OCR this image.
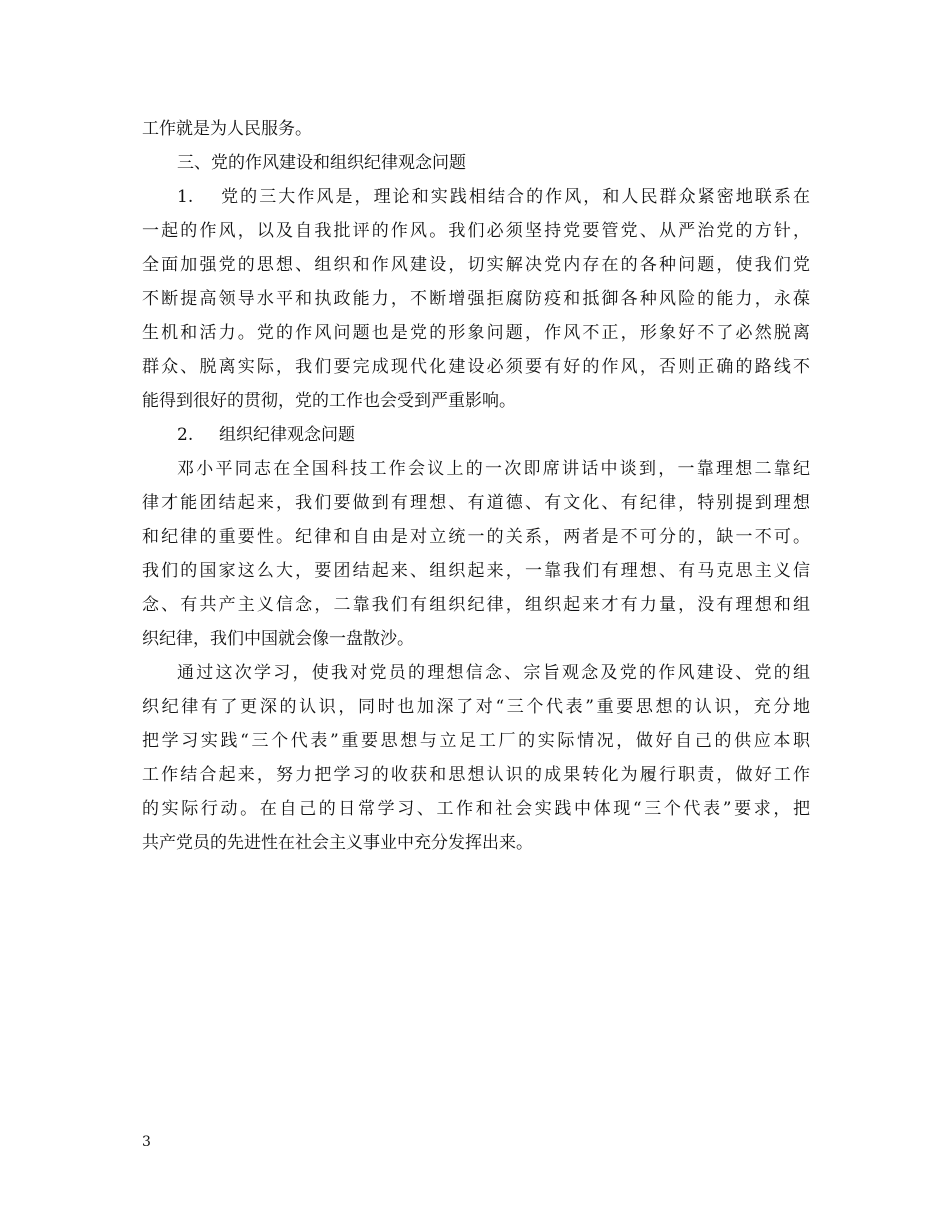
工作就是为人民服务。
三、党的作风建设和组织纪律观念问题
1. 党的三大作风是，理论和实践相结合的作风，和人民群众紧密地联系在
一起的作风，以及自我批评的作风。我们必须坚持党要管党、从严治党的方针，
全面加强党的思想、组织和作风建设，切实解决党内存在的各种问题，使我们党
不断提高领导水平和执政能力，不断增强拒腐防疫和抵御各种风险的能力，永葆
生机和活力。党的作风问题也是党的形象问题，作风不正，形象好不了必然脱离
群众、脱离实际，我们要完成现代化建设必须要有好的作风，否则正确的路线不
能得到很好的贯彻，党的工作也会受到严重影响。
2. 组织纪律观念问题
邓小平同志在全国科技工作会议上的一次即席讲话中谈到，一靠理想二靠纪
律才能团结起来，我们要做到有理想、有道德、有文化、有纪律，特别提到理想
和纪律的重要性。纪律和自由是对立统一的关系，两者是不可分的，缺一不可。
我们的国家这么大，要团结起来、组织起来，一靠我们有理想、有马克思主义信
念、有共产主义信念，二靠我们有组织纪律，组织起来才有力量，没有理想和组
织纪律，我们中国就会像一盘散沙。
通过这次学习，使我对党员的理想信念、宗旨观念及党的作风建设、党的组
织纪律有了更深的认识，同时也加深了对“三个代表”重要思想的认识，充分地
把学习实践“三个代表”重要思想与立足工厂的实际情况，做好自己的供应本职
工作结合起来，努力把学习的收获和思想认识的成果转化为履行职责，做好工作
的实际行动。在自己的日常学习、工作和社会实践中体现“三个代表”要求，把
共产党员的先进性在社会主义事业中充分发挥出来。
3
